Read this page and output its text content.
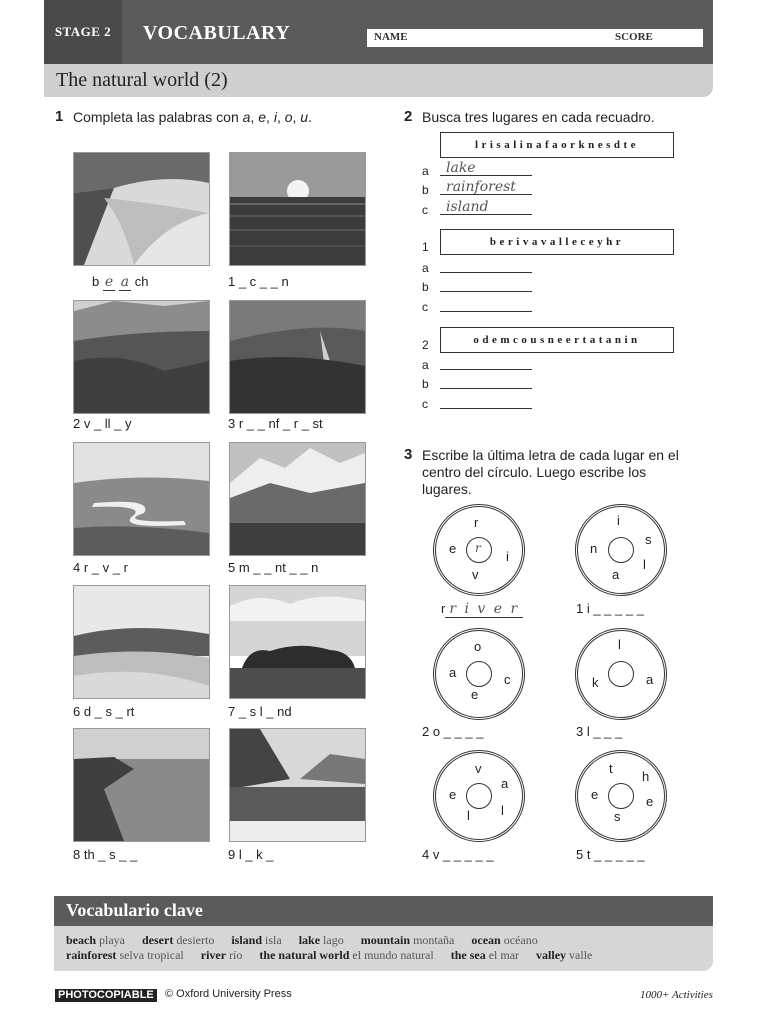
STAGE 2	VOCABULARY	NAME	SCORE
The natural world (2)
1 Completa las palabras con a, e, i, o, u.
b e a ch	1 _ c _ _ n
2 v _ ll _ y	3 r _ _ nf _ r _ st
4 r _ v _ r	5 m _ _ nt _ _ n
6 d _ s _ rt	7 _ s l _ nd
8 th _ s _ _	9 l _ k _
2 Busca tres lugares en cada recuadro.
lrisalinafaorknesdte
a	lake
b	rainforest
c	island
1	berivavalleceyhr
a
b
c
2	odemcousneertatanin
a
b
c
3 Escribe la última letra de cada lugar en el centro del círculo. Luego escribe los lugares.
r
e
i
v
r
r r i v e r
i
n
s
l
a
1 i _ _ _ _ _
o
a	c
e
2 o _ _ _ _
l
k	a
3 l _ _ _
v
a
e
l
l
4 v _ _ _ _ _
t
h
e	e
s
5 t _ _ _ _ _
Vocabulario clave
beach playa desert desierto island isla lake lago mountain montaña ocean océano
rainforest selva tropical river río the natural world el mundo natural the sea el mar valley valle
PHOTOCOPIABLE © Oxford University Press	1000+ Activities
